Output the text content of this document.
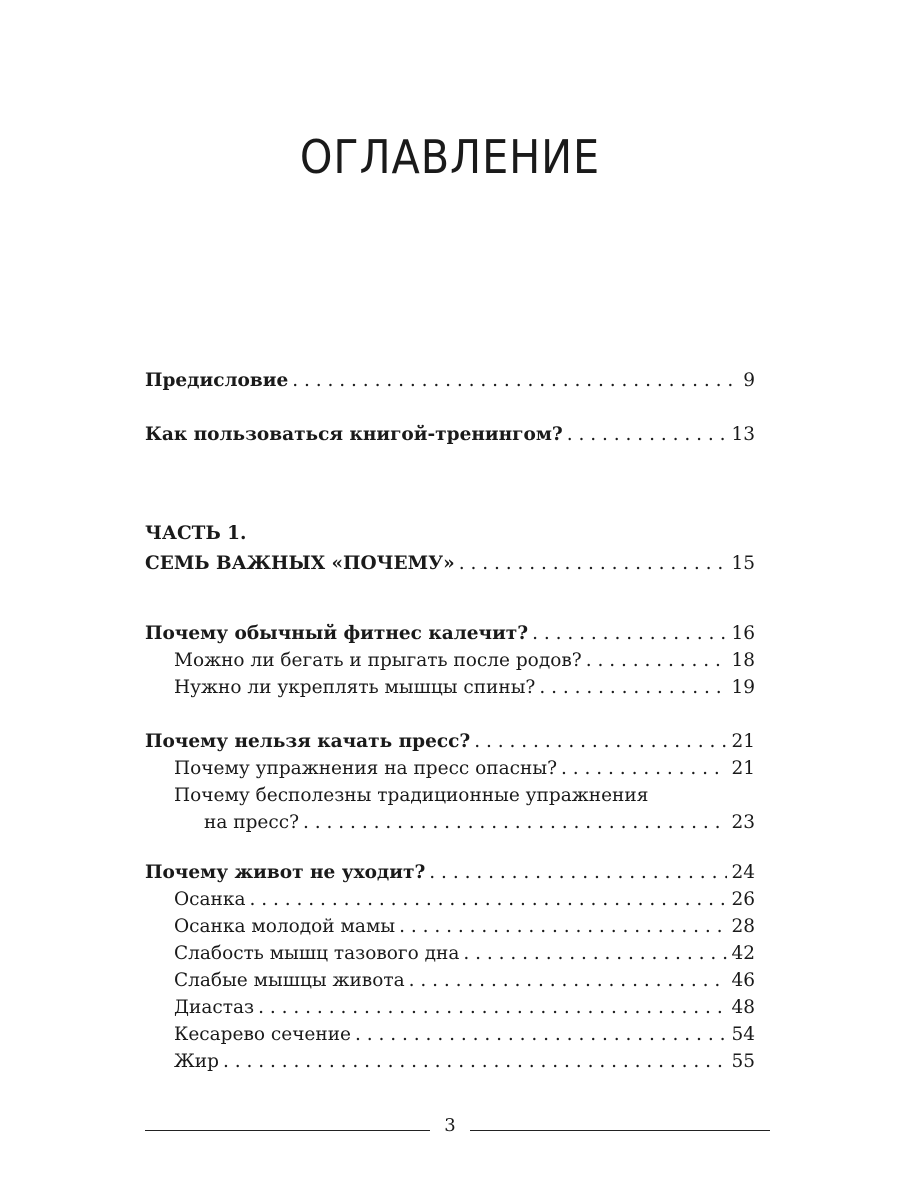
ОГЛАВЛЕНИЕ
Предисловие . . .	9
Как пользоваться книгой-тренингом? . . .	13
ЧАСТЬ 1.
СЕМЬ ВАЖНЫХ «ПОЧЕМУ» . . .	15
Почему обычный фитнес калечит? . . .	16
Можно ли бегать и прыгать после родов? . . .	18
Нужно ли укреплять мышцы спины? . . .	19
Почему нельзя качать пресс? . . .	21
Почему упражнения на пресс опасны? . . .	21
Почему бесполезны традиционные упражнения
на пресс? . . .	23
Почему живот не уходит? . . .	24
Осанка . . .	26
Осанка молодой мамы . . .	28
Слабость мышц тазового дна . . .	42
Слабые мышцы живота . . .	46
Диастаз . . .	48
Кесарево сечение . . .	54
Жир . . .	55
3
